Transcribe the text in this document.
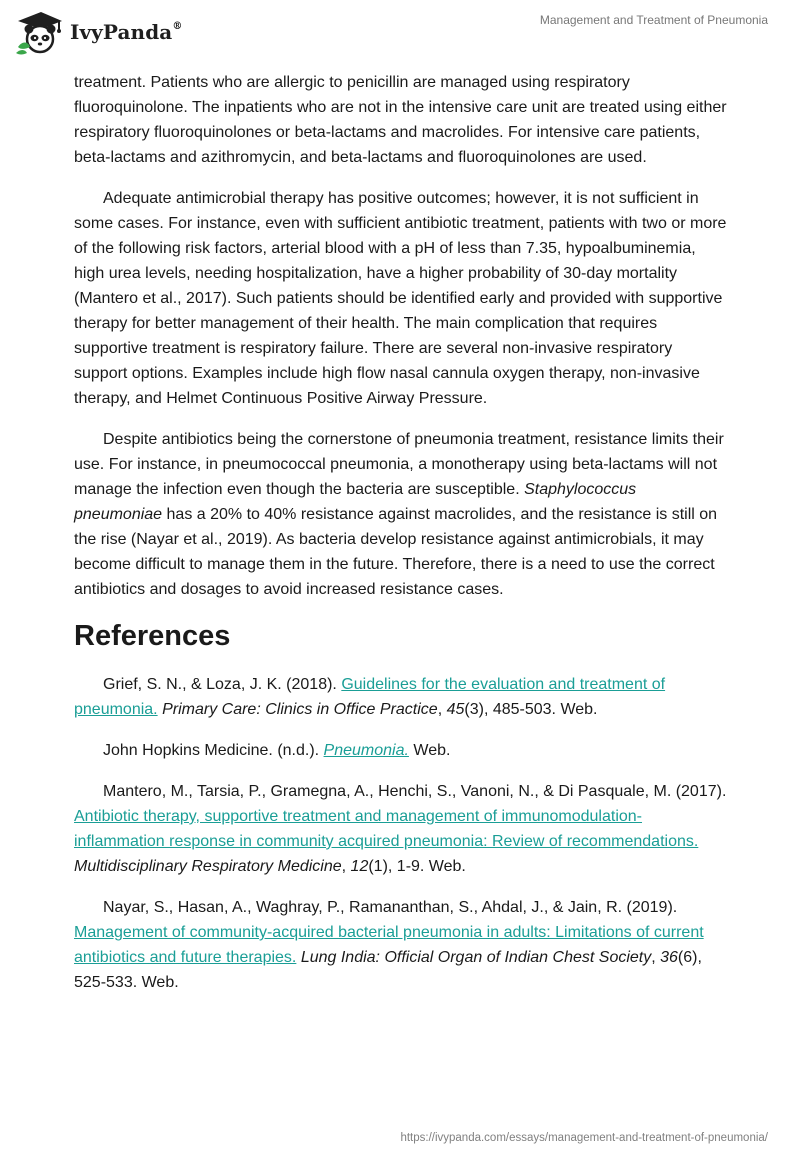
IvyPanda®	Management and Treatment of Pneumonia

treatment. Patients who are allergic to penicillin are managed using respiratory fluoroquinolone. The inpatients who are not in the intensive care unit are treated using either respiratory fluoroquinolones or beta-lactams and macrolides. For intensive care patients, beta-lactams and azithromycin, and beta-lactams and fluoroquinolones are used.

Adequate antimicrobial therapy has positive outcomes; however, it is not sufficient in some cases. For instance, even with sufficient antibiotic treatment, patients with two or more of the following risk factors, arterial blood with a pH of less than 7.35, hypoalbuminemia, high urea levels, needing hospitalization, have a higher probability of 30-day mortality (Mantero et al., 2017). Such patients should be identified early and provided with supportive therapy for better management of their health. The main complication that requires supportive treatment is respiratory failure. There are several non-invasive respiratory support options. Examples include high flow nasal cannula oxygen therapy, non-invasive therapy, and Helmet Continuous Positive Airway Pressure.

Despite antibiotics being the cornerstone of pneumonia treatment, resistance limits their use. For instance, in pneumococcal pneumonia, a monotherapy using beta-lactams will not manage the infection even though the bacteria are susceptible. Staphylococcus pneumoniae has a 20% to 40% resistance against macrolides, and the resistance is still on the rise (Nayar et al., 2019). As bacteria develop resistance against antimicrobials, it may become difficult to manage them in the future. Therefore, there is a need to use the correct antibiotics and dosages to avoid increased resistance cases.

References

Grief, S. N., & Loza, J. K. (2018). Guidelines for the evaluation and treatment of pneumonia. Primary Care: Clinics in Office Practice, 45(3), 485-503. Web.

John Hopkins Medicine. (n.d.). Pneumonia. Web.

Mantero, M., Tarsia, P., Gramegna, A., Henchi, S., Vanoni, N., & Di Pasquale, M. (2017). Antibiotic therapy, supportive treatment and management of immunomodulation-inflammation response in community acquired pneumonia: Review of recommendations. Multidisciplinary Respiratory Medicine, 12(1), 1-9. Web.

Nayar, S., Hasan, A., Waghray, P., Ramananthan, S., Ahdal, J., & Jain, R. (2019). Management of community-acquired bacterial pneumonia in adults: Limitations of current antibiotics and future therapies. Lung India: Official Organ of Indian Chest Society, 36(6), 525-533. Web.

https://ivypanda.com/essays/management-and-treatment-of-pneumonia/
